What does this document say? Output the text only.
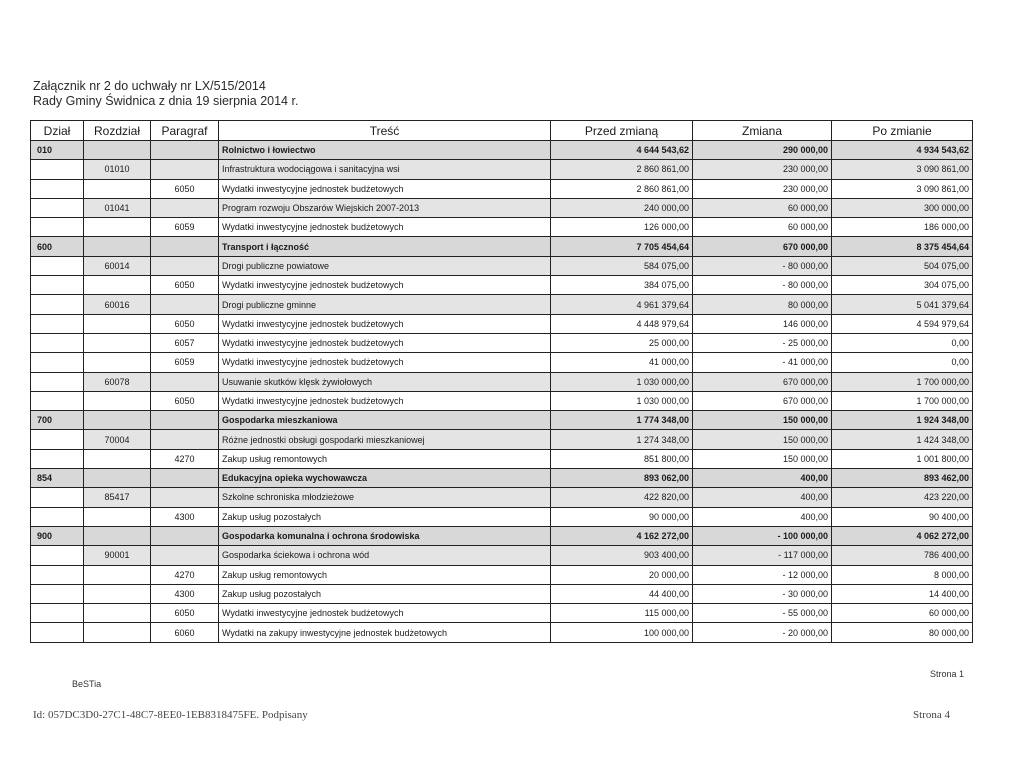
Załącznik nr 2 do uchwały nr LX/515/2014
Rady Gminy Świdnica z dnia 19 sierpnia 2014 r.
Dział	Rozdział	Paragraf	Treść	Przed zmianą	Zmiana	Po zmianie
010			Rolnictwo i łowiectwo	4 644 543,62	290 000,00	4 934 543,62
	01010		Infrastruktura wodociągowa i sanitacyjna wsi	2 860 861,00	230 000,00	3 090 861,00
		6050	Wydatki inwestycyjne jednostek budżetowych	2 860 861,00	230 000,00	3 090 861,00
	01041		Program rozwoju Obszarów Wiejskich 2007-2013	240 000,00	60 000,00	300 000,00
		6059	Wydatki inwestycyjne jednostek budżetowych	126 000,00	60 000,00	186 000,00
600			Transport i łączność	7 705 454,64	670 000,00	8 375 454,64
	60014		Drogi publiczne powiatowe	584 075,00	- 80 000,00	504 075,00
		6050	Wydatki inwestycyjne jednostek budżetowych	384 075,00	- 80 000,00	304 075,00
	60016		Drogi publiczne gminne	4 961 379,64	80 000,00	5 041 379,64
		6050	Wydatki inwestycyjne jednostek budżetowych	4 448 979,64	146 000,00	4 594 979,64
		6057	Wydatki inwestycyjne jednostek budżetowych	25 000,00	- 25 000,00	0,00
		6059	Wydatki inwestycyjne jednostek budżetowych	41 000,00	- 41 000,00	0,00
	60078		Usuwanie skutków klęsk żywiołowych	1 030 000,00	670 000,00	1 700 000,00
		6050	Wydatki inwestycyjne jednostek budżetowych	1 030 000,00	670 000,00	1 700 000,00
700			Gospodarka mieszkaniowa	1 774 348,00	150 000,00	1 924 348,00
	70004		Różne jednostki obsługi gospodarki mieszkaniowej	1 274 348,00	150 000,00	1 424 348,00
		4270	Zakup usług remontowych	851 800,00	150 000,00	1 001 800,00
854			Edukacyjna opieka wychowawcza	893 062,00	400,00	893 462,00
	85417		Szkolne schroniska młodzieżowe	422 820,00	400,00	423 220,00
		4300	Zakup usług pozostałych	90 000,00	400,00	90 400,00
900			Gospodarka komunalna i ochrona środowiska	4 162 272,00	- 100 000,00	4 062 272,00
	90001		Gospodarka ściekowa i ochrona wód	903 400,00	- 117 000,00	786 400,00
		4270	Zakup usług remontowych	20 000,00	- 12 000,00	8 000,00
		4300	Zakup usług pozostałych	44 400,00	- 30 000,00	14 400,00
		6050	Wydatki inwestycyjne jednostek budżetowych	115 000,00	- 55 000,00	60 000,00
		6060	Wydatki na zakupy inwestycyjne jednostek budżetowych	100 000,00	- 20 000,00	80 000,00
BeSTia
Strona 1
Id: 057DC3D0-27C1-48C7-8EE0-1EB8318475FE. Podpisany	Strona 4
